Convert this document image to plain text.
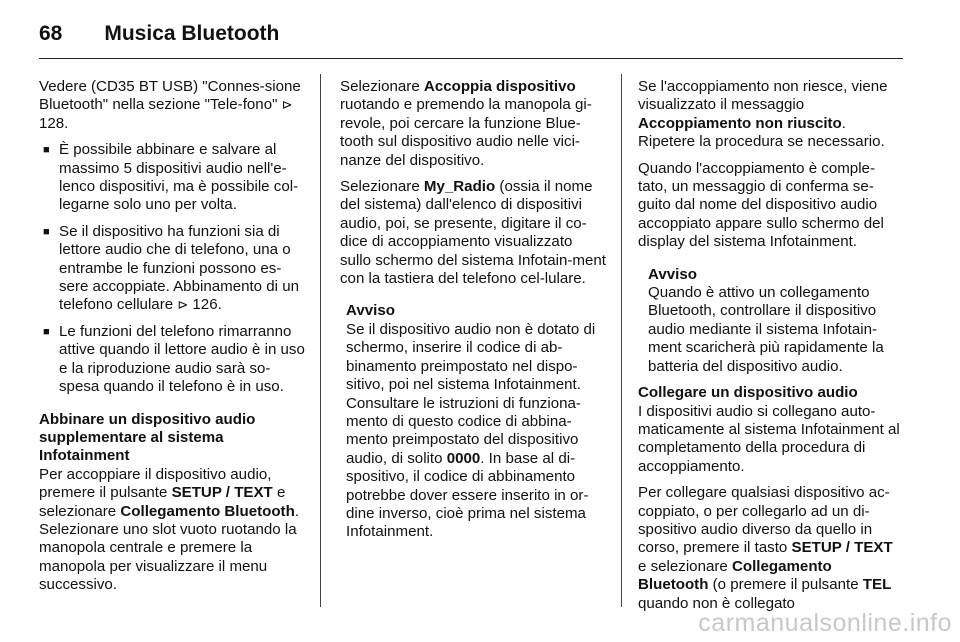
68 Musica Bluetooth

Vedere (CD35 BT USB) "Connes-sione Bluetooth" nella sezione "Tele-fono" ⊳ 128.

■ È possibile abbinare e salvare al massimo 5 dispositivi audio nell'e-lenco dispositivi, ma è possibile col-legarne solo uno per volta.
■ Se il dispositivo ha funzioni sia di lettore audio che di telefono, una o entrambe le funzioni possono es-sere accoppiate. Abbinamento di un telefono cellulare ⊳ 126.
■ Le funzioni del telefono rimarranno attive quando il lettore audio è in uso e la riproduzione audio sarà so-spesa quando il telefono è in uso.

Abbinare un dispositivo audio supplementare al sistema Infotainment

Per accoppiare il dispositivo audio, premere il pulsante SETUP / TEXT e selezionare Collegamento Bluetooth. Selezionare uno slot vuoto ruotando la manopola centrale e premere la manopola per visualizzare il menu successivo.

Selezionare Accoppia dispositivo ruotando e premendo la manopola gi-revole, poi cercare la funzione Blue-tooth sul dispositivo audio nelle vici-nanze del dispositivo.

Selezionare My_Radio (ossia il nome del sistema) dall'elenco di dispositivi audio, poi, se presente, digitare il co-dice di accoppiamento visualizzato sullo schermo del sistema Infotain-ment con la tastiera del telefono cel-lulare.

Avviso
Se il dispositivo audio non è dotato di schermo, inserire il codice di ab-binamento preimpostato nel dispo-sitivo, poi nel sistema Infotainment. Consultare le istruzioni di funziona-mento di questo codice di abbina-mento preimpostato del dispositivo audio, di solito 0000. In base al di-spositivo, il codice di abbinamento potrebbe dover essere inserito in or-dine inverso, cioè prima nel sistema Infotainment.

Se l'accoppiamento non riesce, viene visualizzato il messaggio Accoppiamento non riuscito. Ripetere la procedura se necessario.

Quando l'accoppiamento è comple-tato, un messaggio di conferma se-guito dal nome del dispositivo audio accoppiato appare sullo schermo del display del sistema Infotainment.

Avviso
Quando è attivo un collegamento Bluetooth, controllare il dispositivo audio mediante il sistema Infotain-ment scaricherà più rapidamente la batteria del dispositivo audio.

Collegare un dispositivo audio

I dispositivi audio si collegano auto-maticamente al sistema Infotainment al completamento della procedura di accoppiamento.

Per collegare qualsiasi dispositivo ac-coppiato, o per collegarlo ad un di-spositivo audio diverso da quello in corso, premere il tasto SETUP / TEXT e selezionare Collegamento Bluetooth (o premere il pulsante TEL quando non è collegato

carmanualsonline.info
